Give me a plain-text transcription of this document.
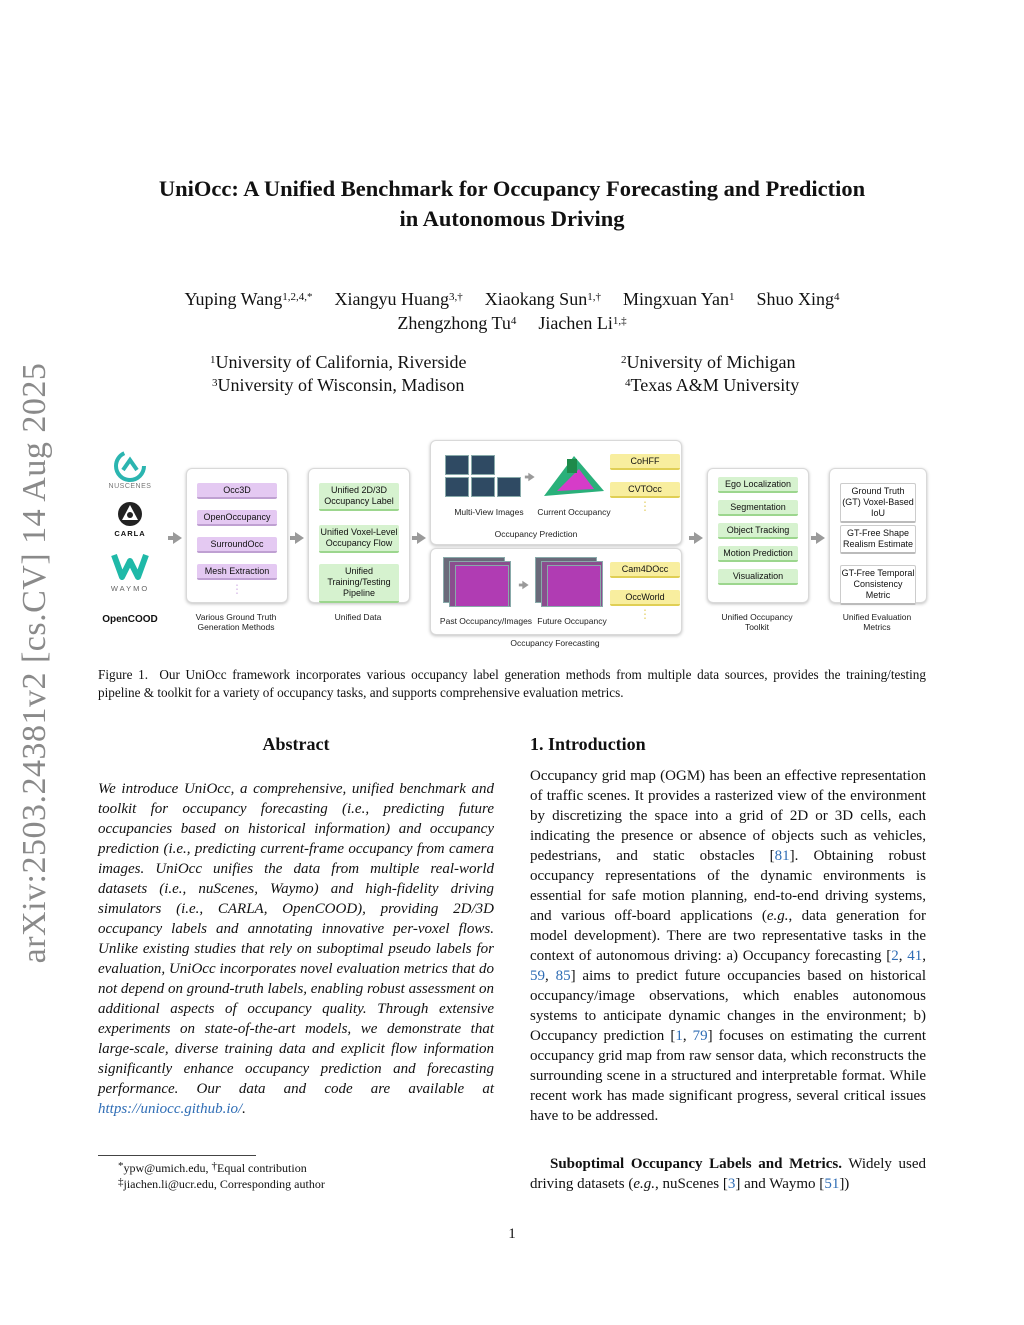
arXiv:2503.24381v2 [cs.CV] 14 Aug 2025
UniOcc: A Unified Benchmark for Occupancy Forecasting and Prediction
in Autonomous Driving
Yuping Wang$^{1,2,4,*}$ Xiangyu Huang$^{3,\dagger}$ Xiaokang Sun$^{1,\dagger}$ Mingxuan Yan$^1$ Shuo Xing$^4$
Zhengzhong Tu$^4$ Jiachen $Li^{1,\ddagger}$
$^1$University of California, Riverside	$^2$University of Michigan
$^3$University of Wisconsin, Madison	$^4$Texas A&M University
NUSCENES
CARLA
WAYMO
OpenCOOD
Occ3D
OpenOccupancy
SurroundOcc
Mesh Extraction
⋮
Various Ground Truth
Generation Methods
Unified 2D/3D Occupancy Label
Unified Voxel-Level Occupancy Flow
Unified Training/Testing Pipeline
Unified Data
Multi-View Images	Current Occupancy
Occupancy Prediction
CoHFF
CVTOcc
⋮
Past Occupancy/Images Future Occupancy
Occupancy Forecasting
Cam4DOcc
OccWorld
⋮
Ego Localization
Segmentation
Object Tracking
Motion Prediction
Visualization
Unified Occupancy
Toolkit
Ground Truth (GT) Voxel-Based IoU
GT-Free Shape Realism Estimate
GT-Free Temporal Consistency Metric
Unified Evaluation
Metrics
Figure 1. Our UniOcc framework incorporates various occupancy label generation methods from multiple data sources, provides the training/testing pipeline & toolkit for a variety of occupancy tasks, and supports comprehensive evaluation metrics.
Abstract
We introduce UniOcc, a comprehensive, unified benchmark and toolkit for occupancy forecasting (i.e., predicting future occupancies based on historical information) and occupancy prediction (i.e., predicting current-frame occupancy from camera images. UniOcc unifies the data from multiple real-world datasets (i.e., nuScenes, Waymo) and high-fidelity driving simulators (i.e., CARLA, OpenCOOD), providing 2D/3D occupancy labels and annotating innovative per-voxel flows. Unlike existing studies that rely on suboptimal pseudo labels for evaluation, UniOcc incorporates novel evaluation metrics that do not depend on ground-truth labels, enabling robust assessment on additional aspects of occupancy quality. Through extensive experiments on state-of-the-art models, we demonstrate that large-scale, diverse training data and explicit flow information significantly enhance occupancy prediction and forecasting performance. Our data and code are available at https://uniocc.github.io/.
*ypw@umich.edu, †Equal contribution
‡jiachen.li@ucr.edu, Corresponding author
1. Introduction
Occupancy grid map (OGM) has been an effective representation of traffic scenes. It provides a rasterized view of the environment by discretizing the space into a grid of 2D or 3D cells, each indicating the presence or absence of objects such as vehicles, pedestrians, and static obstacles [81]. Obtaining robust occupancy representations of the dynamic environments is essential for safe motion planning, end-to-end driving systems, and various off-board applications (e.g., data generation for model development). There are two representative tasks in the context of autonomous driving: a) Occupancy forecasting [2, 41, 59, 85] aims to predict future occupancies based on historical occupancy/image observations, which enables autonomous systems to anticipate dynamic changes in the environment; b) Occupancy prediction [1, 79] focuses on estimating the current occupancy grid map from raw sensor data, which reconstructs the surrounding scene in a structured and interpretable format. While recent work has made significant progress, several critical issues have to be addressed.
Suboptimal Occupancy Labels and Metrics. Widely used driving datasets (e.g., nuScenes [3] and Waymo [51])
1
